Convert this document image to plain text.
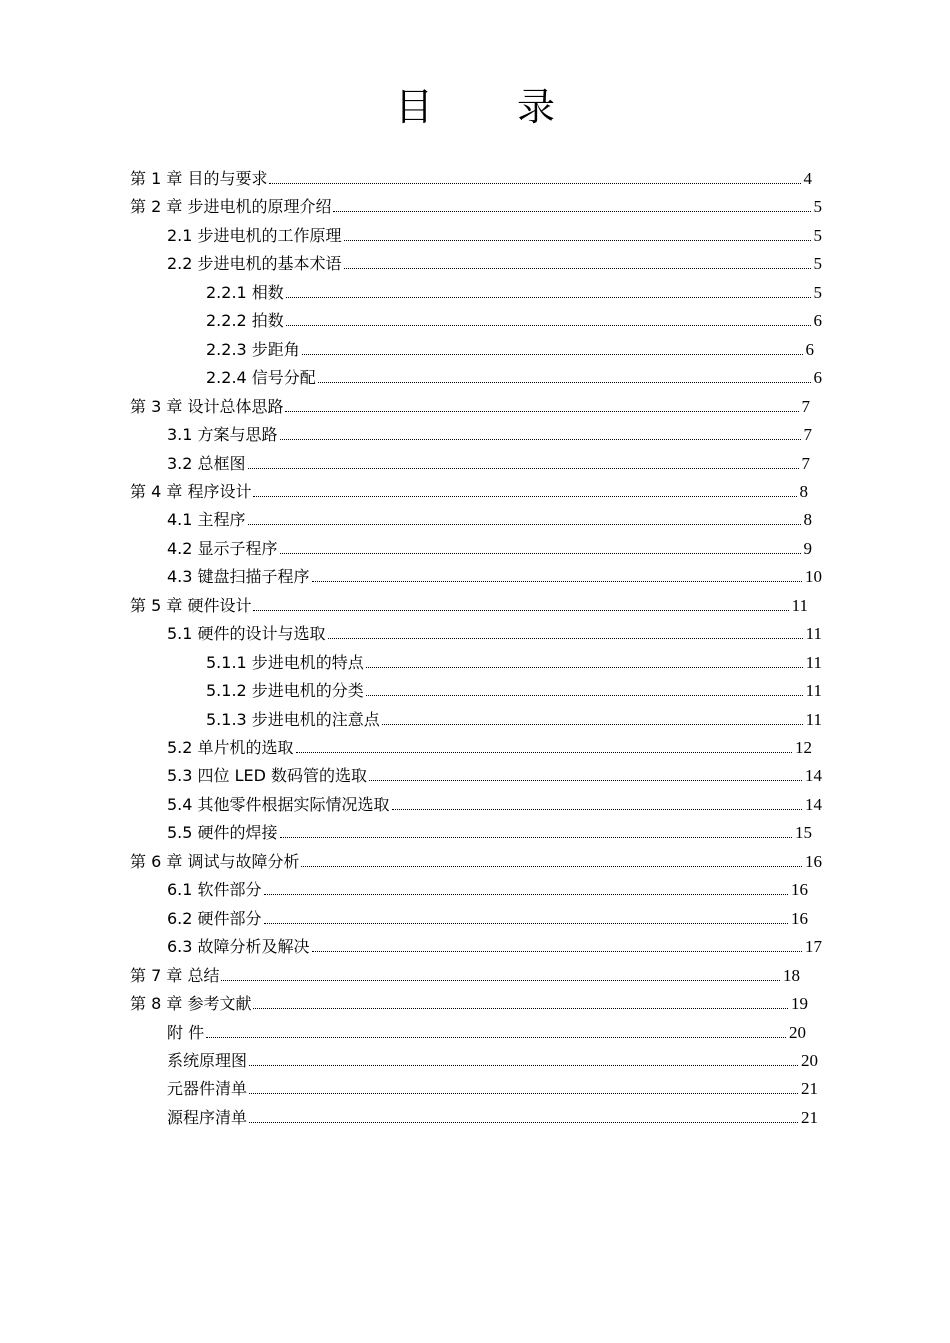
目 录
第 1 章 目的与要求	4
第 2 章 步进电机的原理介绍	5
2.1 步进电机的工作原理	5
2.2 步进电机的基本术语	5
2.2.1 相数	5
2.2.2 拍数	6
2.2.3 步距角	6
2.2.4 信号分配	6
第 3 章 设计总体思路	7
3.1 方案与思路	7
3.2 总框图	7
第 4 章 程序设计	8
4.1 主程序	8
4.2 显示子程序	9
4.3 键盘扫描子程序	10
第 5 章 硬件设计	11
5.1 硬件的设计与选取	11
5.1.1 步进电机的特点	11
5.1.2 步进电机的分类	11
5.1.3 步进电机的注意点	11
5.2 单片机的选取	12
5.3 四位 LED 数码管的选取	14
5.4 其他零件根据实际情况选取	14
5.5 硬件的焊接	15
第 6 章 调试与故障分析	16
6.1 软件部分	16
6.2 硬件部分	16
6.3 故障分析及解决	17
第 7 章 总结	18
第 8 章 参考文献	19
附 件	20
系统原理图	20
元器件清单	21
源程序清单	21
